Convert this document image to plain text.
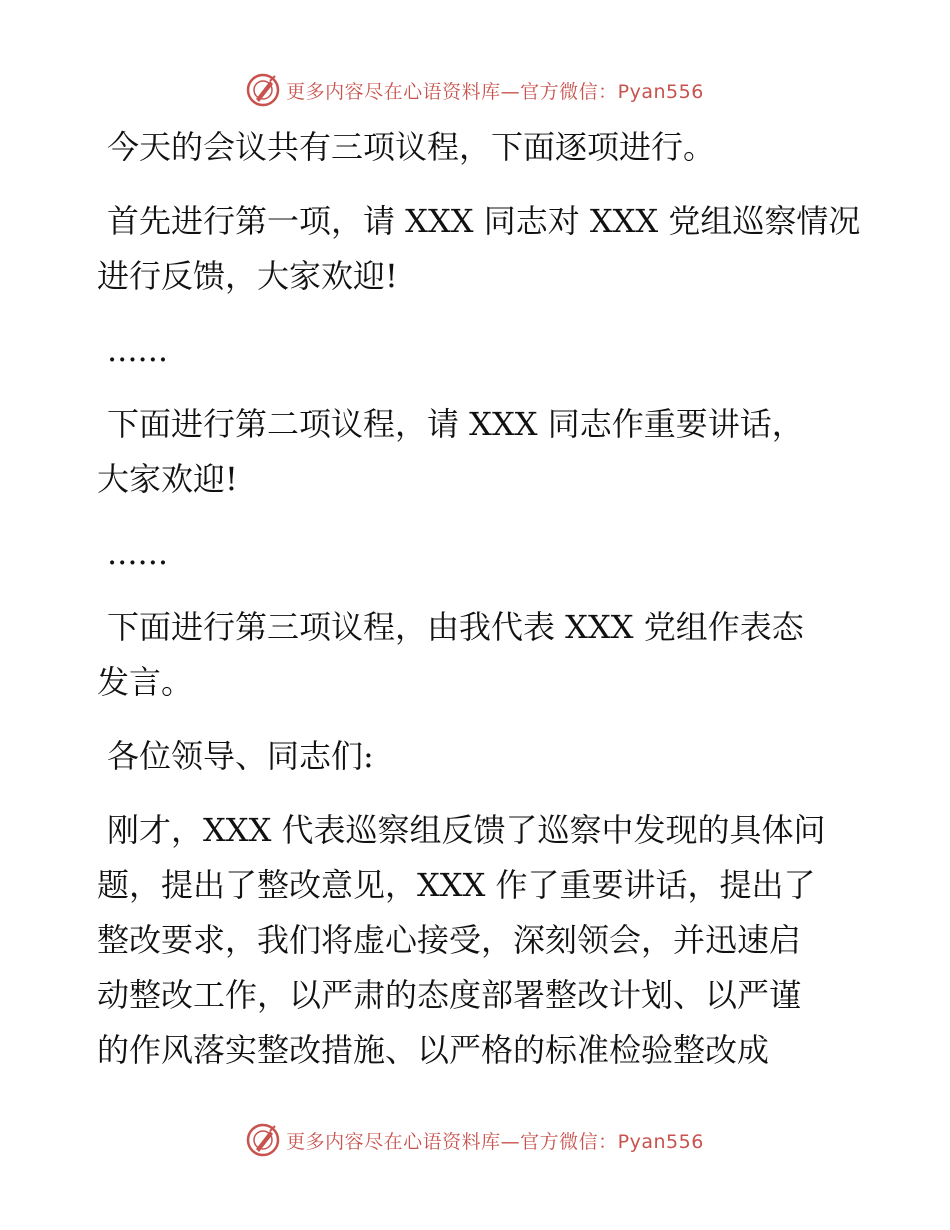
更多内容尽在心语资料库—官方微信：Pyan556
今天的会议共有三项议程，下面逐项进行。
首先进行第一项，请 XXX 同志对 XXX 党组巡察情况
进行反馈，大家欢迎!
......
下面进行第二项议程，请 XXX 同志作重要讲话，
大家欢迎!
......
下面进行第三项议程，由我代表 XXX 党组作表态
发言。
各位领导、同志们:
刚才，XXX 代表巡察组反馈了巡察中发现的具体问
题，提出了整改意见，XXX 作了重要讲话，提出了
整改要求，我们将虚心接受，深刻领会，并迅速启
动整改工作，以严肃的态度部署整改计划、以严谨
的作风落实整改措施、以严格的标准检验整改成
更多内容尽在心语资料库—官方微信：Pyan556
